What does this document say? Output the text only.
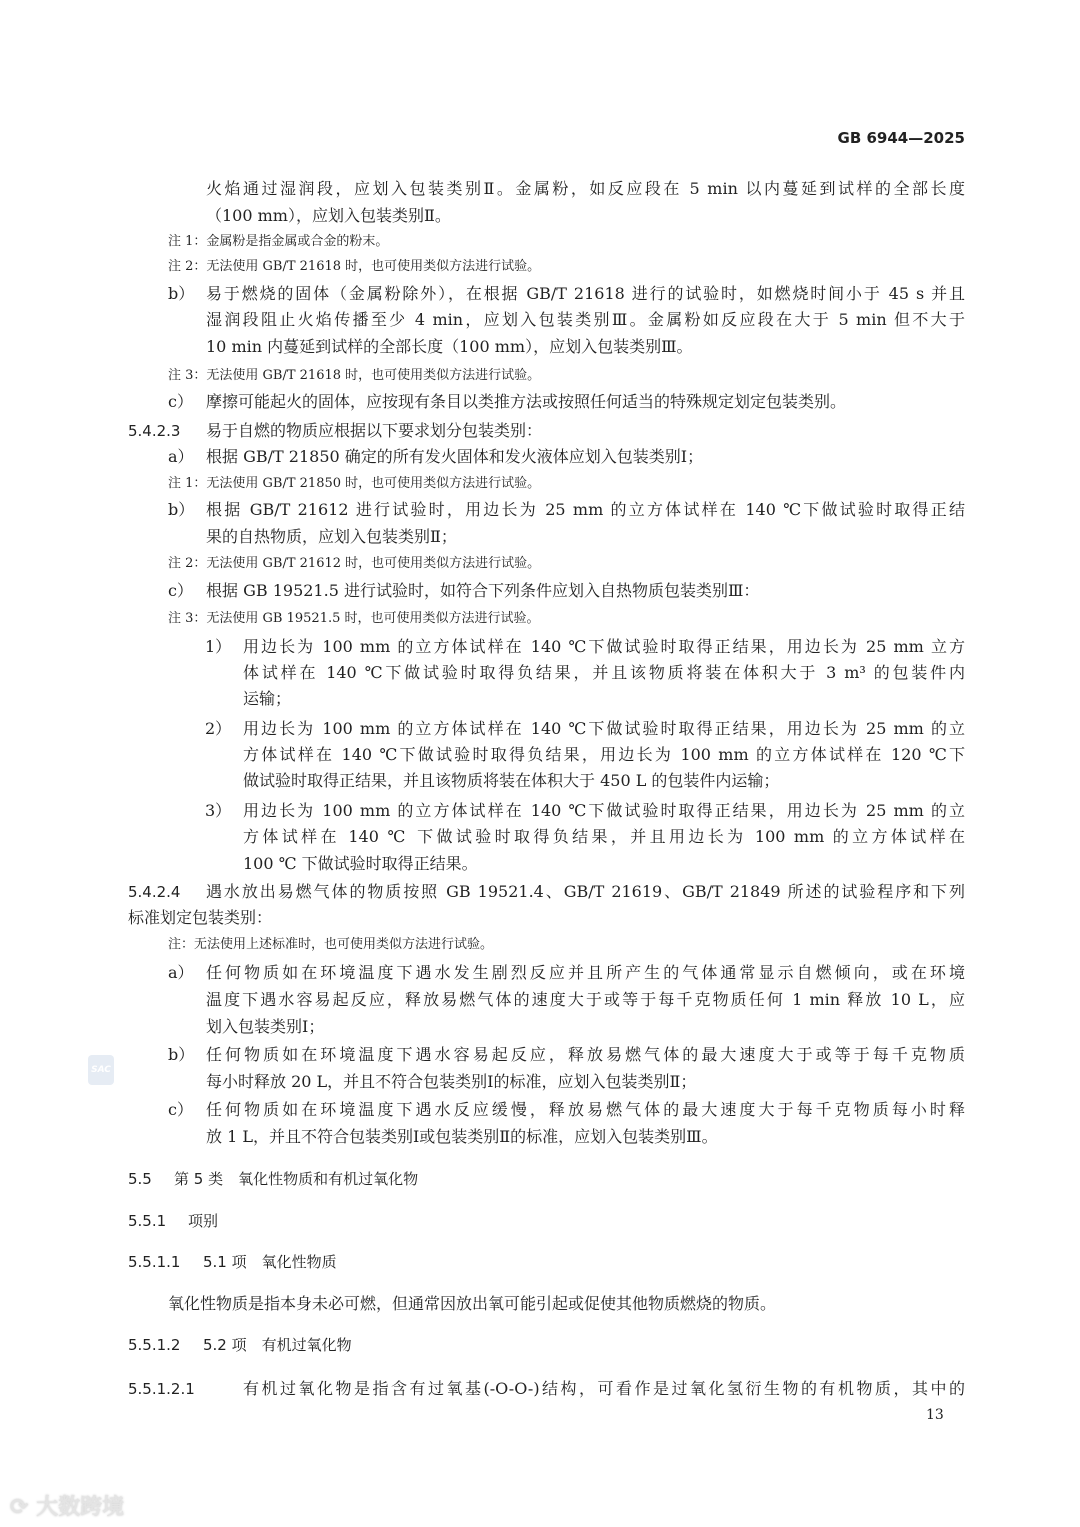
GB 6944—2025
火焰通过湿润段，应划入包装类别Ⅱ。金属粉，如反应段在 5 min 以内蔓延到试样的全部长度
（100 mm），应划入包装类别Ⅱ。
注 1：金属粉是指金属或合金的粉末。
注 2：无法使用 GB/T 21618 时，也可使用类似方法进行试验。
b） 易于燃烧的固体（金属粉除外），在根据 GB/T 21618 进行的试验时，如燃烧时间小于 45 s 并且
湿润段阻止火焰传播至少 4 min，应划入包装类别Ⅲ。金属粉如反应段在大于 5 min 但不大于
10 min 内蔓延到试样的全部长度（100 mm），应划入包装类别Ⅲ。
注 3：无法使用 GB/T 21618 时，也可使用类似方法进行试验。
c） 摩擦可能起火的固体，应按现有条目以类推方法或按照任何适当的特殊规定划定包装类别。
5.4.2.3 易于自燃的物质应根据以下要求划分包装类别：
a） 根据 GB/T 21850 确定的所有发火固体和发火液体应划入包装类别Ⅰ；
注 1：无法使用 GB/T 21850 时，也可使用类似方法进行试验。
b） 根据 GB/T 21612 进行试验时，用边长为 25 mm 的立方体试样在 140 ℃下做试验时取得正结
果的自热物质，应划入包装类别Ⅱ；
注 2：无法使用 GB/T 21612 时，也可使用类似方法进行试验。
c） 根据 GB 19521.5 进行试验时，如符合下列条件应划入自热物质包装类别Ⅲ：
注 3：无法使用 GB 19521.5 时，也可使用类似方法进行试验。
1） 用边长为 100 mm 的立方体试样在 140 ℃下做试验时取得正结果，用边长为 25 mm 立方
体试样在 140 ℃下做试验时取得负结果，并且该物质将装在体积大于 3 m³ 的包装件内
运输；
2） 用边长为 100 mm 的立方体试样在 140 ℃下做试验时取得正结果，用边长为 25 mm 的立
方体试样在 140 ℃下做试验时取得负结果，用边长为 100 mm 的立方体试样在 120 ℃下
做试验时取得正结果，并且该物质将装在体积大于 450 L 的包装件内运输；
3） 用边长为 100 mm 的立方体试样在 140 ℃下做试验时取得正结果，用边长为 25 mm 的立
方体试样在 140 ℃ 下做试验时取得负结果，并且用边长为 100 mm 的立方体试样在
100 ℃ 下做试验时取得正结果。
5.4.2.4 遇水放出易燃气体的物质按照 GB 19521.4、GB/T 21619、GB/T 21849 所述的试验程序和下列
标准划定包装类别：
注：无法使用上述标准时，也可使用类似方法进行试验。
a） 任何物质如在环境温度下遇水发生剧烈反应并且所产生的气体通常显示自燃倾向，或在环境
温度下遇水容易起反应，释放易燃气体的速度大于或等于每千克物质任何 1 min 释放 10 L，应
划入包装类别Ⅰ；
b） 任何物质如在环境温度下遇水容易起反应，释放易燃气体的最大速度大于或等于每千克物质
每小时释放 20 L，并且不符合包装类别Ⅰ的标准，应划入包装类别Ⅱ；
c） 任何物质如在环境温度下遇水反应缓慢，释放易燃气体的最大速度大于每千克物质每小时释
放 1 L，并且不符合包装类别Ⅰ或包装类别Ⅱ的标准，应划入包装类别Ⅲ。
5.5 第 5 类　氧化性物质和有机过氧化物
5.5.1 项别
5.5.1.1 5.1 项　氧化性物质
氧化性物质是指本身未必可燃，但通常因放出氧可能引起或促使其他物质燃烧的物质。
5.5.1.2 5.2 项　有机过氧化物
5.5.1.2.1	有机过氧化物是指含有过氧基(-O-O-)结构，可看作是过氧化氢衍生物的有机物质，其中的
13
SAC
⟳ 大数跨境
